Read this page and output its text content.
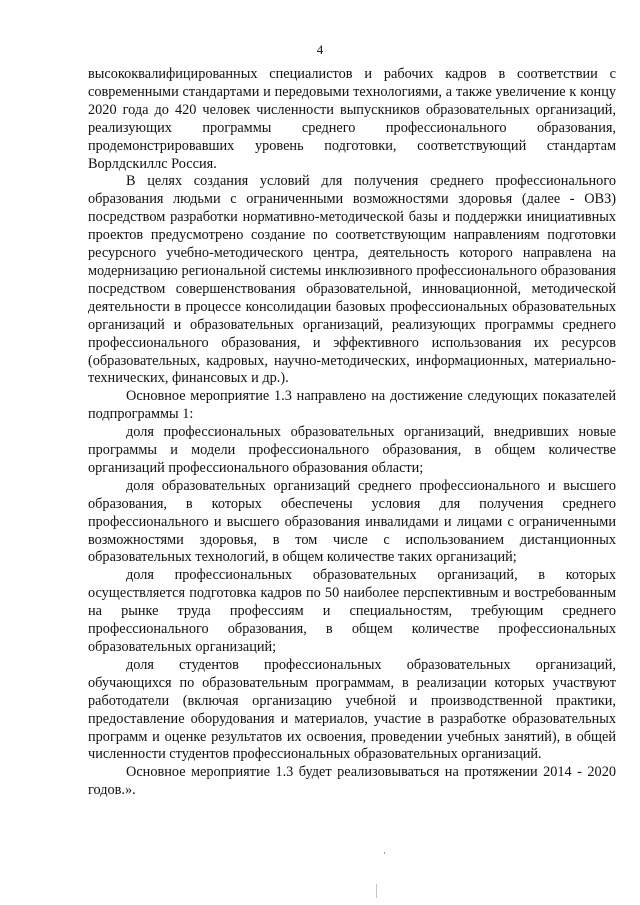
4

высококвалифицированных специалистов и рабочих кадров в соответствии с современными стандартами и передовыми технологиями, а также увеличение к концу 2020 года до 420 человек численности выпускников образовательных организаций, реализующих программы среднего профессионального образования, продемонстрировавших уровень подготовки, соответствующий стандартам Ворлдскиллс Россия.

В целях создания условий для получения среднего профессионального образования людьми с ограниченными возможностями здоровья (далее - ОВЗ) посредством разработки нормативно-методической базы и поддержки инициативных проектов предусмотрено создание по соответствующим направлениям подготовки ресурсного учебно-методического центра, деятельность которого направлена на модернизацию региональной системы инклюзивного профессионального образования посредством совершенствования образовательной, инновационной, методической деятельности в процессе консолидации базовых профессиональных образовательных организаций и образовательных организаций, реализующих программы среднего профессионального образования, и эффективного использования их ресурсов (образовательных, кадровых, научно-методических, информационных, материально- технических, финансовых и др.).

Основное мероприятие 1.3 направлено на достижение следующих показателей подпрограммы 1:

доля профессиональных образовательных организаций, внедривших новые программы и модели профессионального образования, в общем количестве организаций профессионального образования области;

доля образовательных организаций среднего профессионального и высшего образования, в которых обеспечены условия для получения среднего профессионального и высшего образования инвалидами и лицами с ограниченными возможностями здоровья, в том числе с использованием дистанционных образовательных технологий, в общем количестве таких организаций;

доля профессиональных образовательных организаций, в которых осуществляется подготовка кадров по 50 наиболее перспективным и востребованным на рынке труда профессиям и специальностям, требующим среднего профессионального образования, в общем количестве профессиональных образовательных организаций;

доля студентов профессиональных образовательных организаций, обучающихся по образовательным программам, в реализации которых участвуют работодатели (включая организацию учебной и производственной практики, предоставление оборудования и материалов, участие в разработке образовательных программ и оценке результатов их освоения, проведении учебных занятий), в общей численности студентов профессиональных образовательных организаций.

Основное мероприятие 1.3 будет реализовываться на протяжении 2014 - 2020 годов.».
